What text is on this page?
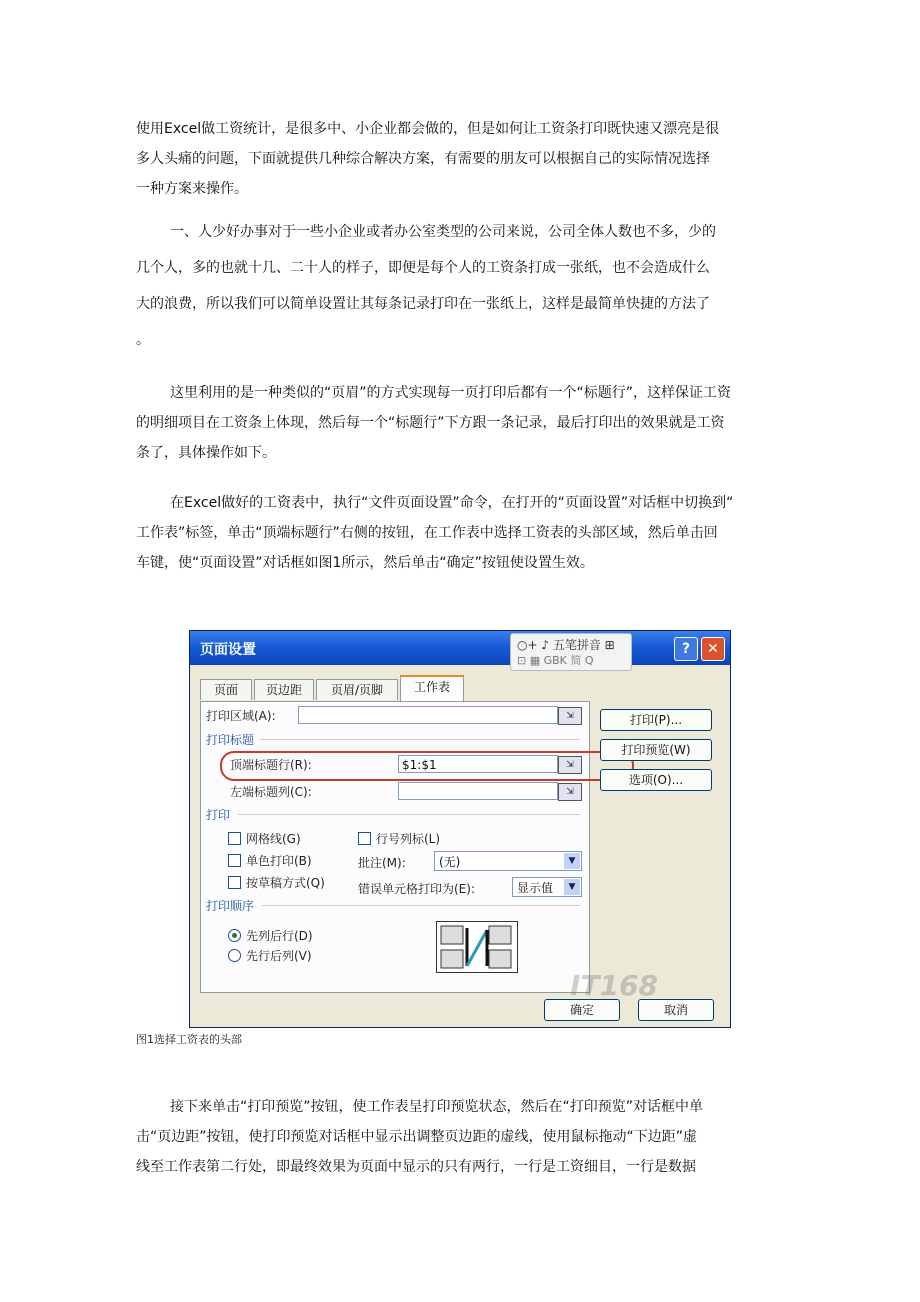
使用Excel做工资统计，是很多中、小企业都会做的，但是如何让工资条打印既快速又漂亮是很
多人头痛的问题，下面就提供几种综合解决方案，有需要的朋友可以根据自己的实际情况选择
一种方案来操作。
一、人少好办事对于一些小企业或者办公室类型的公司来说，公司全体人数也不多，少的
几个人，多的也就十几、二十人的样子，即便是每个人的工资条打成一张纸，也不会造成什么
大的浪费，所以我们可以简单设置让其每条记录打印在一张纸上，这样是最简单快捷的方法了
。
这里利用的是一种类似的“页眉”的方式实现每一页打印后都有一个“标题行”，这样保证工资
的明细项目在工资条上体现，然后每一个“标题行”下方跟一条记录，最后打印出的效果就是工资
条了，具体操作如下。
在Excel做好的工资表中，执行“文件页面设置”命令，在打开的“页面设置”对话框中切换到“
工作表”标签，单击“顶端标题行”右侧的按钮，在工作表中选择工资表的头部区域，然后单击回
车键，使“页面设置”对话框如图1所示，然后单击“确定”按钮使设置生效。
页面设置	○+ ♪ 五笔拼音 ⊞
⊡ ▦ GBK 简 Q
?	✕
页面	页边距	页眉/页脚	工作表
打印区域(A):	⇲
打印标题
顶端标题行(R):	$1:$1	⇲
左端标题列(C):	⇲
打印
网格线(G)	行号列标(L)
单色打印(B)	批注(M):	(无)	▼
按草稿方式(Q)	错误单元格打印为(E):	显示值	▼
打印顺序
先列后行(D)
先行后列(V)
打印(P)...
打印预览(W)
选项(O)...
确定	取消
IT168
图1选择工资表的头部
接下来单击“打印预览”按钮，使工作表呈打印预览状态，然后在“打印预览”对话框中单
击“页边距”按钮，使打印预览对话框中显示出调整页边距的虚线，使用鼠标拖动“下边距”虚
线至工作表第二行处，即最终效果为页面中显示的只有两行，一行是工资细目，一行是数据
